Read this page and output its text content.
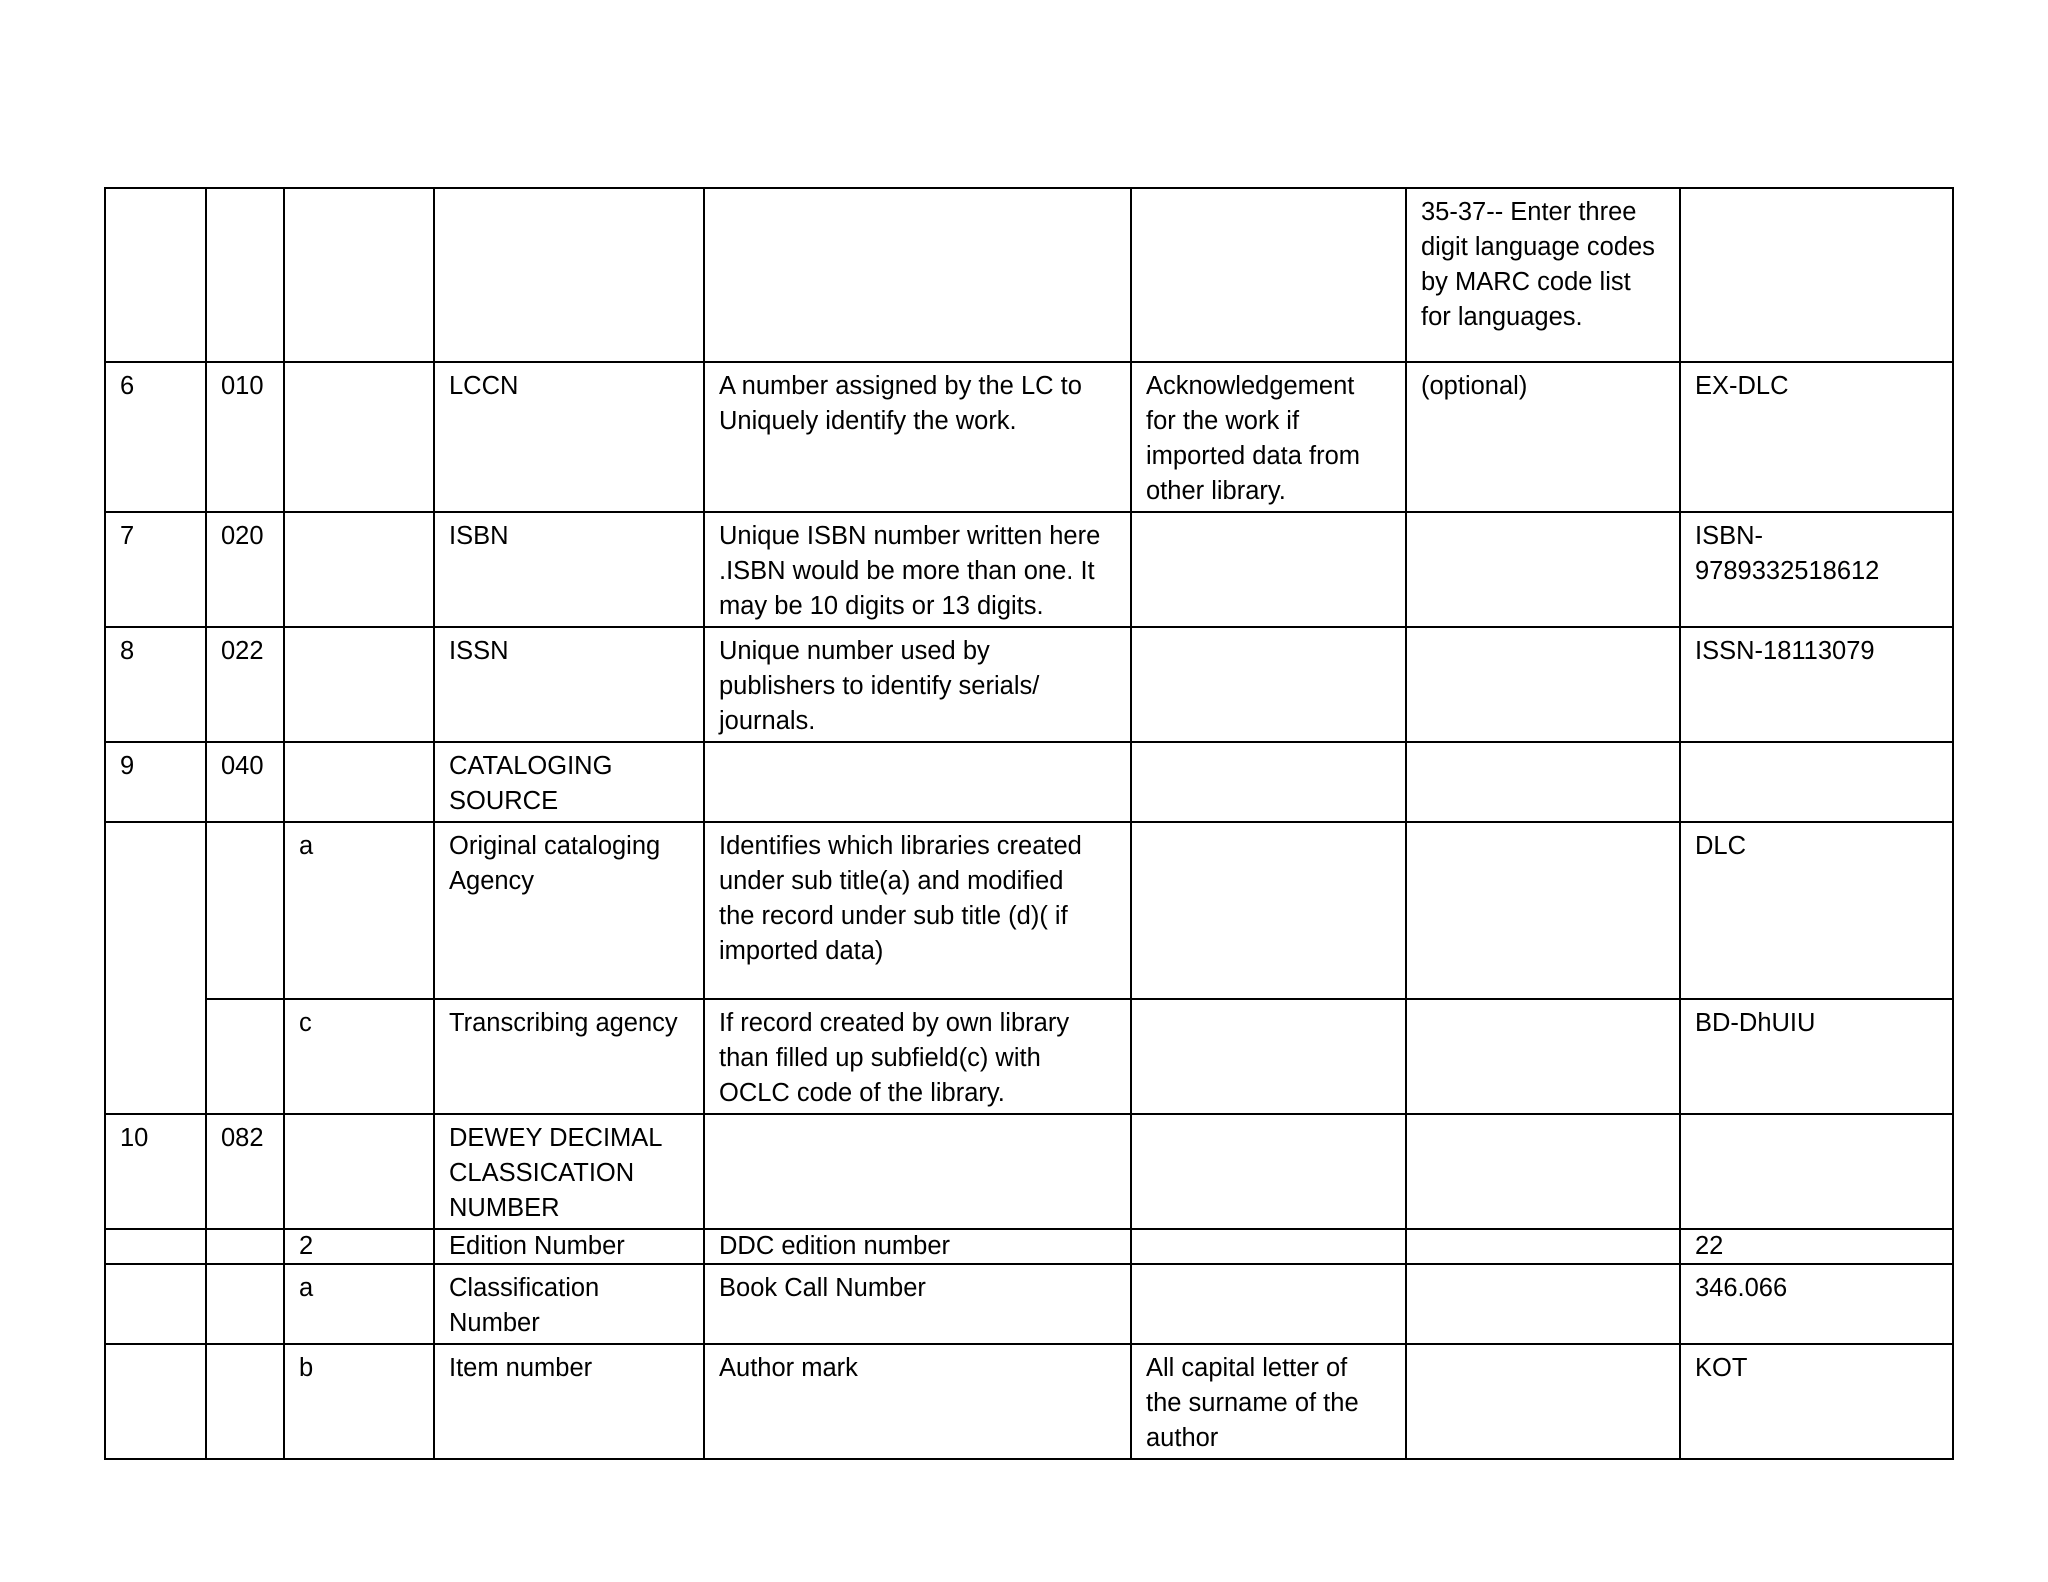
						35-37-- Enter three
digit language codes
by MARC code list
for languages.	
6	010		LCCN	A number assigned by the LC to
Uniquely identify the work.	Acknowledgement
for the work if
imported data from
other library.	(optional)	EX-DLC
7	020		ISBN	Unique ISBN number written here
.ISBN would be more than one. It
may be 10 digits or 13 digits.			ISBN-
9789332518612
8	022		ISSN	Unique number used by
publishers to identify serials/
journals.			ISSN-18113079
9	040		CATALOGING
SOURCE				
		a	Original cataloging
Agency	Identifies which libraries created
under sub title(a) and modified
the record under sub title (d)( if
imported data)			DLC
		c	Transcribing agency	If record created by own library
than filled up subfield(c) with
OCLC code of the library.			BD-DhUIU
10	082		DEWEY DECIMAL
CLASSICATION
NUMBER				
		2	Edition Number	DDC edition number			22
		a	Classification
Number	Book Call Number			346.066
		b	Item number	Author mark	All capital letter of
the surname of the
author		KOT
